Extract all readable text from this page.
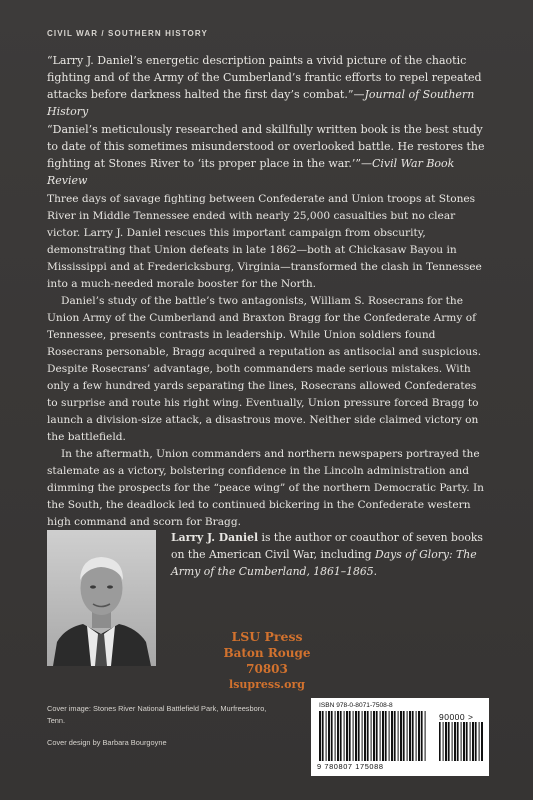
CIVIL WAR / SOUTHERN HISTORY

“Larry J. Daniel’s energetic description paints a vivid picture of the chaotic fighting and of the Army of the Cumberland’s frantic efforts to repel repeated attacks before darkness halted the first day’s combat.”—Journal of Southern History

“Daniel’s meticulously researched and skillfully written book is the best study to date of this sometimes misunderstood or overlooked battle. He restores the fighting at Stones River to ‘its proper place in the war.’”—Civil War Book Review

Three days of savage fighting between Confederate and Union troops at Stones River in Middle Tennessee ended with nearly 25,000 casualties but no clear victor. Larry J. Daniel rescues this important campaign from obscurity, demonstrating that Union defeats in late 1862—both at Chickasaw Bayou in Mississippi and at Fredericksburg, Virginia—transformed the clash in Tennessee into a much-needed morale booster for the North.

Daniel’s study of the battle’s two antagonists, William S. Rosecrans for the Union Army of the Cumberland and Braxton Bragg for the Confederate Army of Tennessee, presents contrasts in leadership. While Union soldiers found Rosecrans personable, Bragg acquired a reputation as antisocial and suspicious. Despite Rosecrans’ advantage, both commanders made serious mistakes. With only a few hundred yards separating the lines, Rosecrans allowed Confederates to surprise and route his right wing. Eventually, Union pressure forced Bragg to launch a division-size attack, a disastrous move. Neither side claimed victory on the battlefield.

In the aftermath, Union commanders and northern newspapers portrayed the stalemate as a victory, bolstering confidence in the Lincoln administration and dimming the prospects for the “peace wing” of the northern Democratic Party. In the South, the deadlock led to continued bickering in the Confederate western high command and scorn for Bragg.

Larry J. Daniel is the author or coauthor of seven books on the American Civil War, including Days of Glory: The Army of the Cumberland, 1861–1865.
LSU Press
Baton Rouge 70803
lsupress.org
Cover image: Stones River National Battlefield Park, Murfreesboro, Tenn.
Cover design by Barbara Bourgoyne
ISBN 978-0-8071-7508-8
90000 >
9 780807 175088
